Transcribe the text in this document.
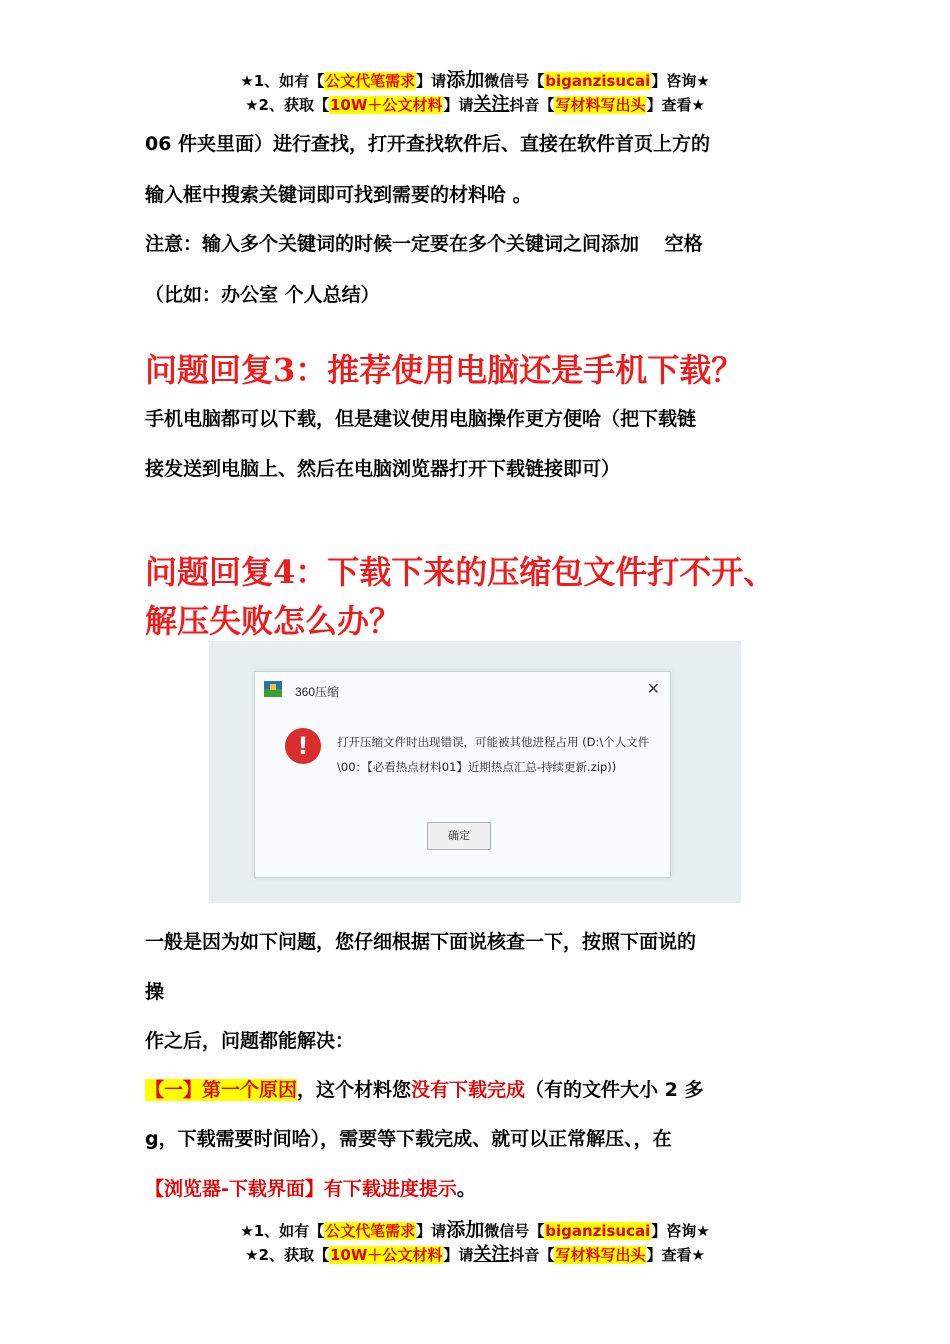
★1、如有【公文代笔需求】请添加微信号【biganzisucai】咨询★
★2、获取【10W＋公文材料】请关注抖音【写材料写出头】查看★

06 件夹里面）进行查找，打开查找软件后、直接在软件首页上方的

输入框中搜索关键词即可找到需要的材料哈 。

注意：输入多个关键词的时候一定要在多个关键词之间添加　 空格

（比如：办公室 个人总结）

问题回复3：推荐使用电脑还是手机下载？

手机电脑都可以下载，但是建议使用电脑操作更方便哈（把下载链

接发送到电脑上、然后在电脑浏览器打开下载链接即可）

问题回复4：下载下来的压缩包文件打不开、
解压失败怎么办？
360压缩	✕
!	打开压缩文件时出现错误，可能被其他进程占用 (D:\个人文件\00：【必看热点材料01】近期热点汇总-持续更新.zip))
确定

一般是因为如下问题，您仔细根据下面说核查一下，按照下面说的

操

作之后，问题都能解决：

【一】第一个原因，这个材料您没有下载完成（有的文件大小 2 多

g，下载需要时间哈），需要等下载完成、就可以正常解压、，在

【浏览器-下载界面】有下载进度提示。

★1、如有【公文代笔需求】请添加微信号【biganzisucai】咨询★
★2、获取【10W＋公文材料】请关注抖音【写材料写出头】查看★
